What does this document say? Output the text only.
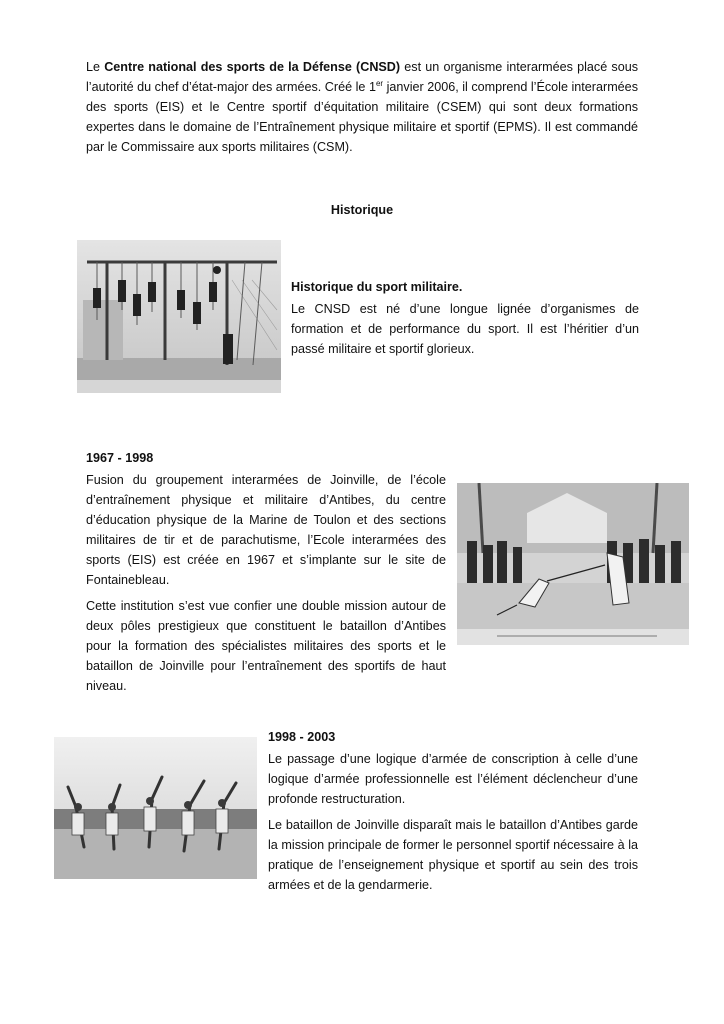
Le Centre national des sports de la Défense (CNSD) est un organisme interarmées placé sous l’autorité du chef d’état-major des armées. Créé le 1er janvier 2006, il comprend l’École interarmées des sports (EIS) et le Centre sportif d’équitation militaire (CSEM) qui sont deux formations expertes dans le domaine de l’Entraînement physique militaire et sportif (EPMS). Il est commandé par le Commissaire aux sports militaires (CSM).

Historique
Historique du sport militaire.

Le CNSD est né d’une longue lignée d’organismes de formation et de performance du sport. Il est l’héritier d’un passé militaire et sportif glorieux.

1967 - 1998

Fusion du groupement interarmées de Joinville, de l’école d’entraînement physique et militaire d’Antibes, du centre d’éducation physique de la Marine de Toulon et des sections militaires de tir et de parachutisme, l’Ecole interarmées des sports (EIS) est créée en 1967 et s’implante sur le site de Fontainebleau.

Cette institution s’est vue confier une double mission autour de deux pôles prestigieux que constituent le bataillon d’Antibes pour la formation des spécialistes militaires des sports et le bataillon de Joinville pour l’entraînement des sportifs de haut niveau.

1998 - 2003

Le passage d’une logique d’armée de conscription à celle d’une logique d’armée professionnelle est l’élément déclencheur d’une profonde restructuration.

Le bataillon de Joinville disparaît mais le bataillon d’Antibes garde la mission principale de former le personnel sportif nécessaire à la pratique de l’enseignement physique et sportif au sein des trois armées et de la gendarmerie.
